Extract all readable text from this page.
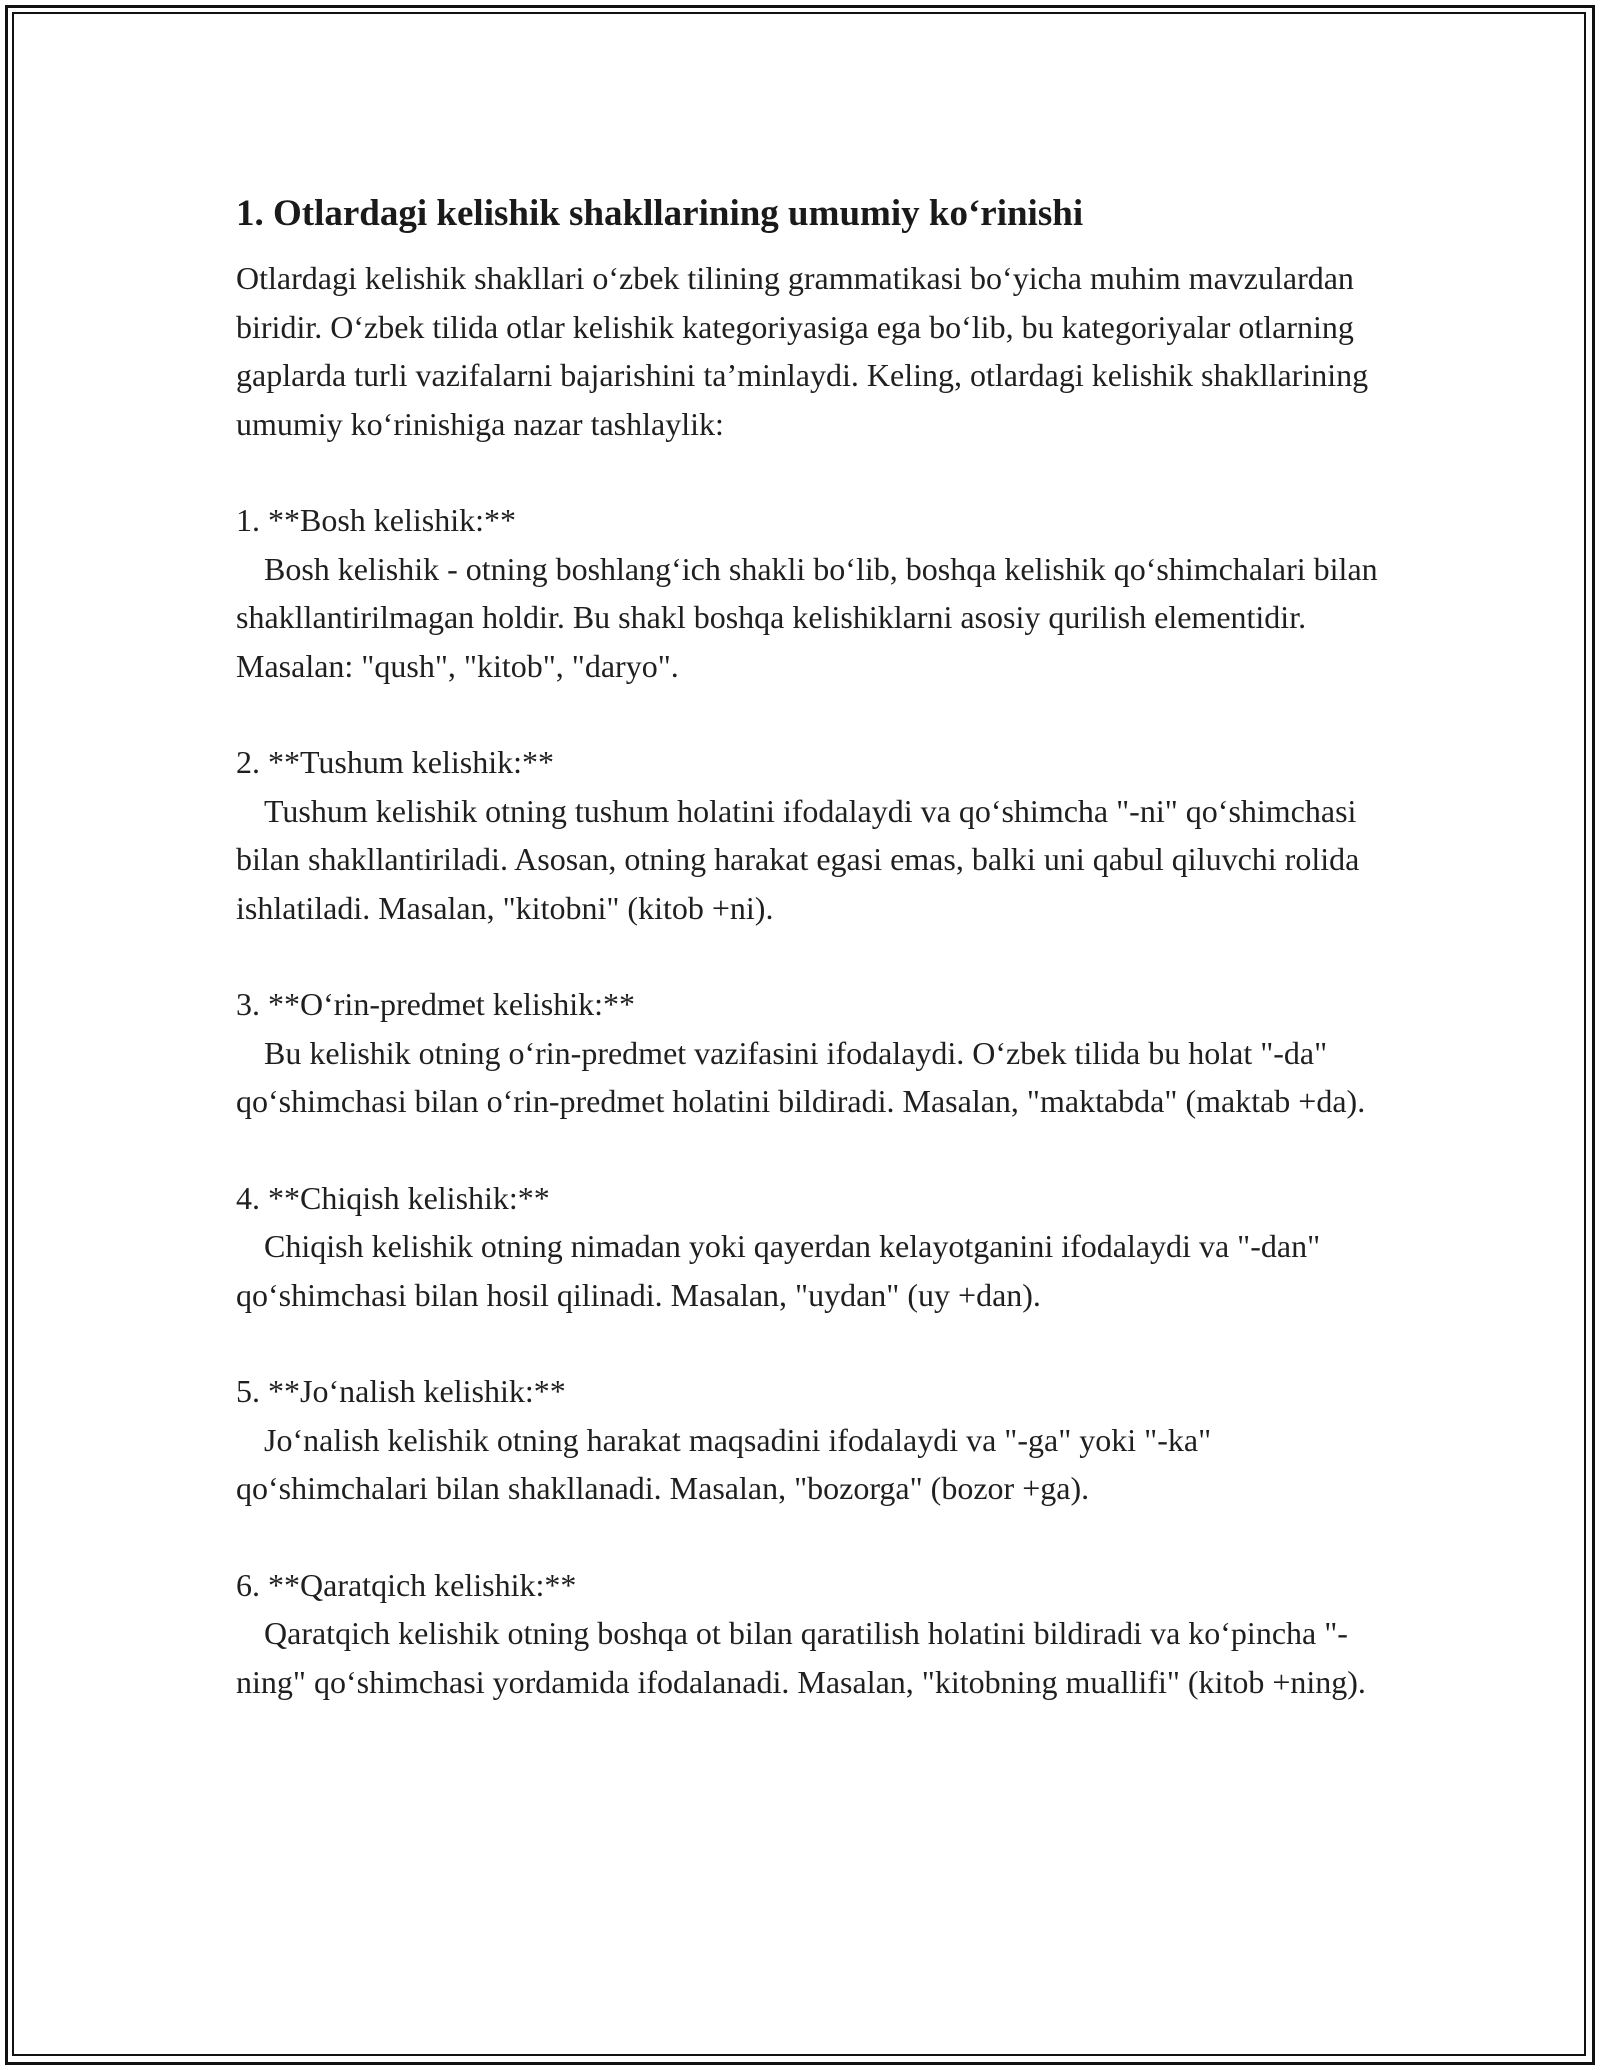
1. Otlardagi kelishik shakllarining umumiy ko‘rinishi

Otlardagi kelishik shakllari o‘zbek tilining grammatikasi bo‘yicha muhim mavzulardan biridir. O‘zbek tilida otlar kelishik kategoriyasiga ega bo‘lib, bu kategoriyalar otlarning gaplarda turli vazifalarni bajarishini ta’minlaydi. Keling, otlardagi kelishik shakllarining umumiy ko‘rinishiga nazar tashlaylik:

1. **Bosh kelishik:**

Bosh kelishik - otning boshlang‘ich shakli bo‘lib, boshqa kelishik qo‘shimchalari bilan shakllantirilmagan holdir. Bu shakl boshqa kelishiklarni asosiy qurilish elementidir. Masalan: "qush", "kitob", "daryo".

2. **Tushum kelishik:**

Tushum kelishik otning tushum holatini ifodalaydi va qo‘shimcha "-ni" qo‘shimchasi bilan shakllantiriladi. Asosan, otning harakat egasi emas, balki uni qabul qiluvchi rolida ishlatiladi. Masalan, "kitobni" (kitob +ni).

3. **O‘rin-predmet kelishik:**

Bu kelishik otning o‘rin-predmet vazifasini ifodalaydi. O‘zbek tilida bu holat "-da" qo‘shimchasi bilan o‘rin-predmet holatini bildiradi. Masalan, "maktabda" (maktab +da).

4. **Chiqish kelishik:**

Chiqish kelishik otning nimadan yoki qayerdan kelayotganini ifodalaydi va "-dan" qo‘shimchasi bilan hosil qilinadi. Masalan, "uydan" (uy +dan).

5. **Jo‘nalish kelishik:**

Jo‘nalish kelishik otning harakat maqsadini ifodalaydi va "-ga" yoki "-ka" qo‘shimchalari bilan shakllanadi. Masalan, "bozorga" (bozor +ga).

6. **Qaratqich kelishik:**

Qaratqich kelishik otning boshqa ot bilan qaratilish holatini bildiradi va ko‘pincha "-ning" qo‘shimchasi yordamida ifodalanadi. Masalan, "kitobning muallifi" (kitob +ning).
